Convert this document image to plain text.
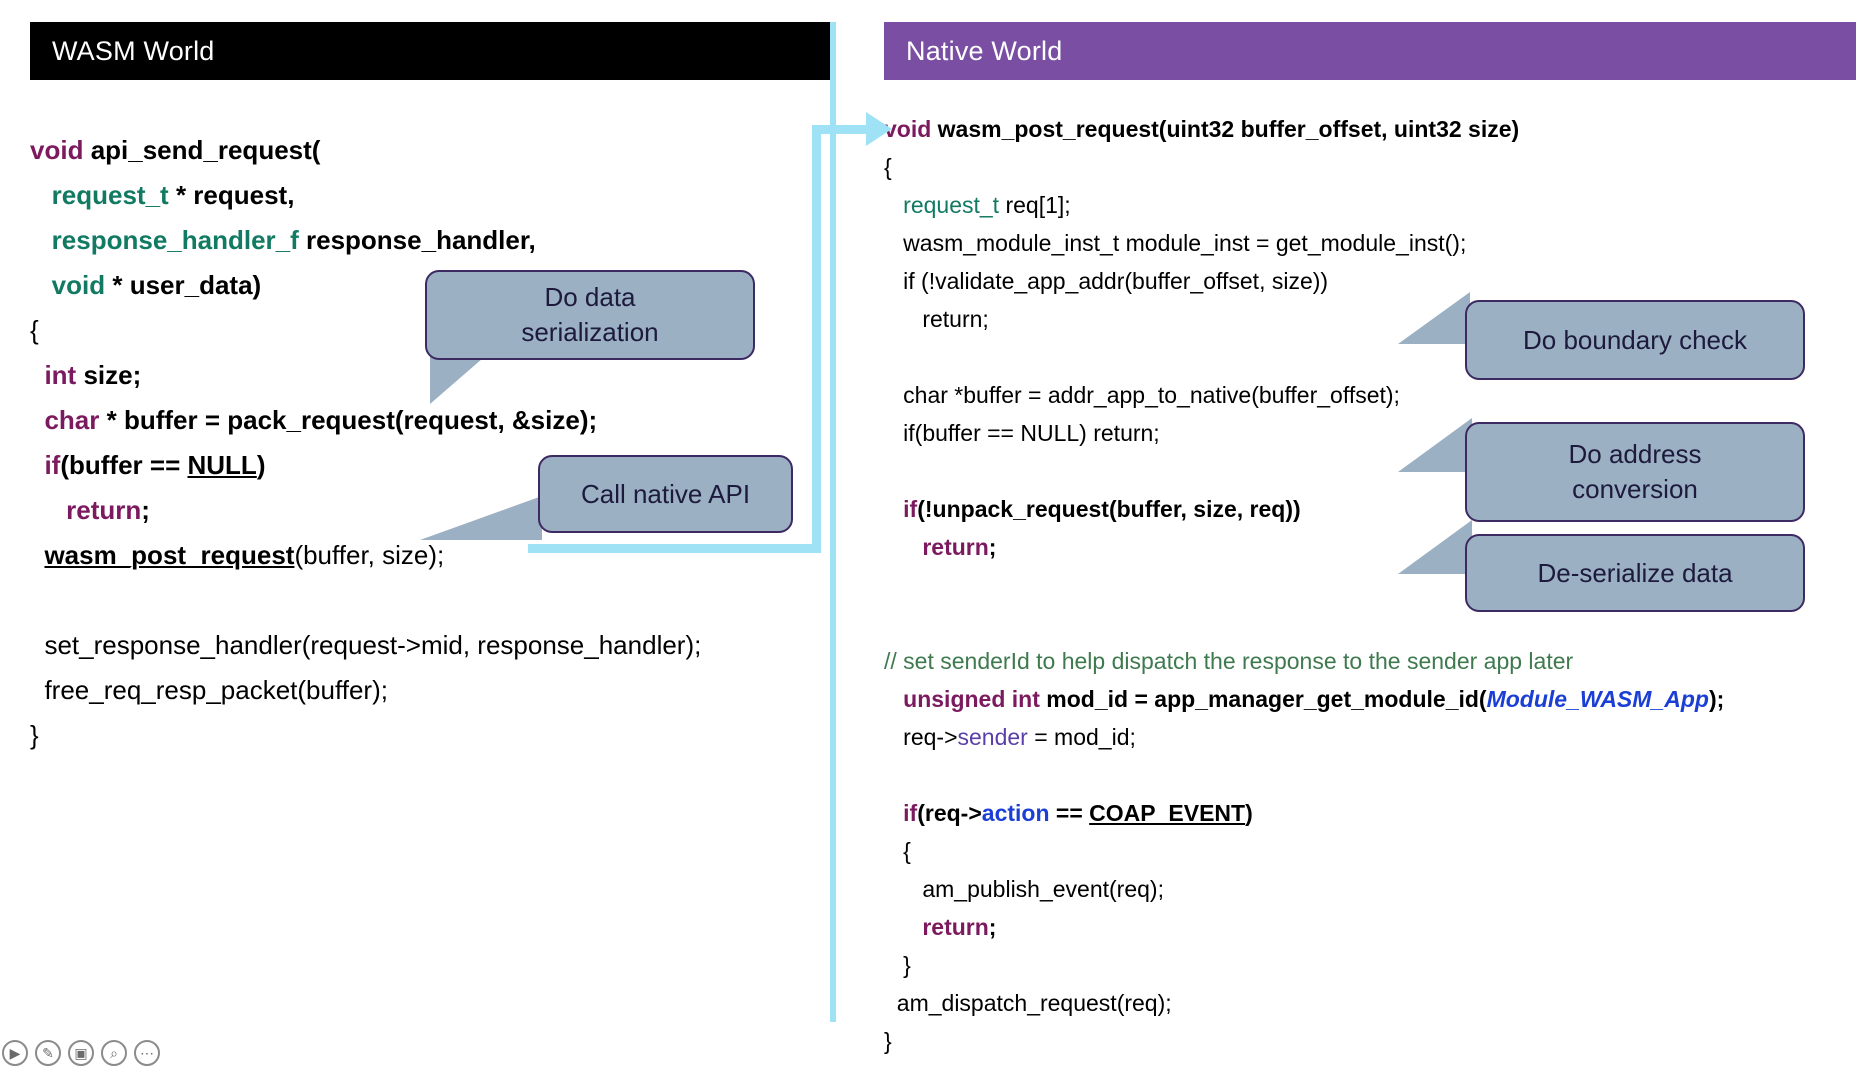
WASM World
void api_send_request(
request_t * request,
response_handler_f response_handler,
void * user_data)
{
int size;
char * buffer = pack_request(request, &size);
if(buffer == NULL)
return;
wasm_post_request(buffer, size);

set_response_handler(request->mid, response_handler);
free_req_resp_packet(buffer);
}
Native World
void wasm_post_request(uint32 buffer_offset, uint32 size)
{
request_t req[1];
wasm_module_inst_t module_inst = get_module_inst();
if (!validate_app_addr(buffer_offset, size))
return;

char *buffer = addr_app_to_native(buffer_offset);
if(buffer == NULL) return;

if(!unpack_request(buffer, size, req))
return;

// set senderId to help dispatch the response to the sender app later
unsigned int mod_id = app_manager_get_module_id(Module_WASM_App);
req->sender = mod_id;

if(req->action == COAP_EVENT)
{
am_publish_event(req);
return;
}
am_dispatch_request(req);
}
Do data
serialization
Call native API
Do boundary check
Do address
conversion
De-serialize data
▶	✎	▣	⌕	⋯
